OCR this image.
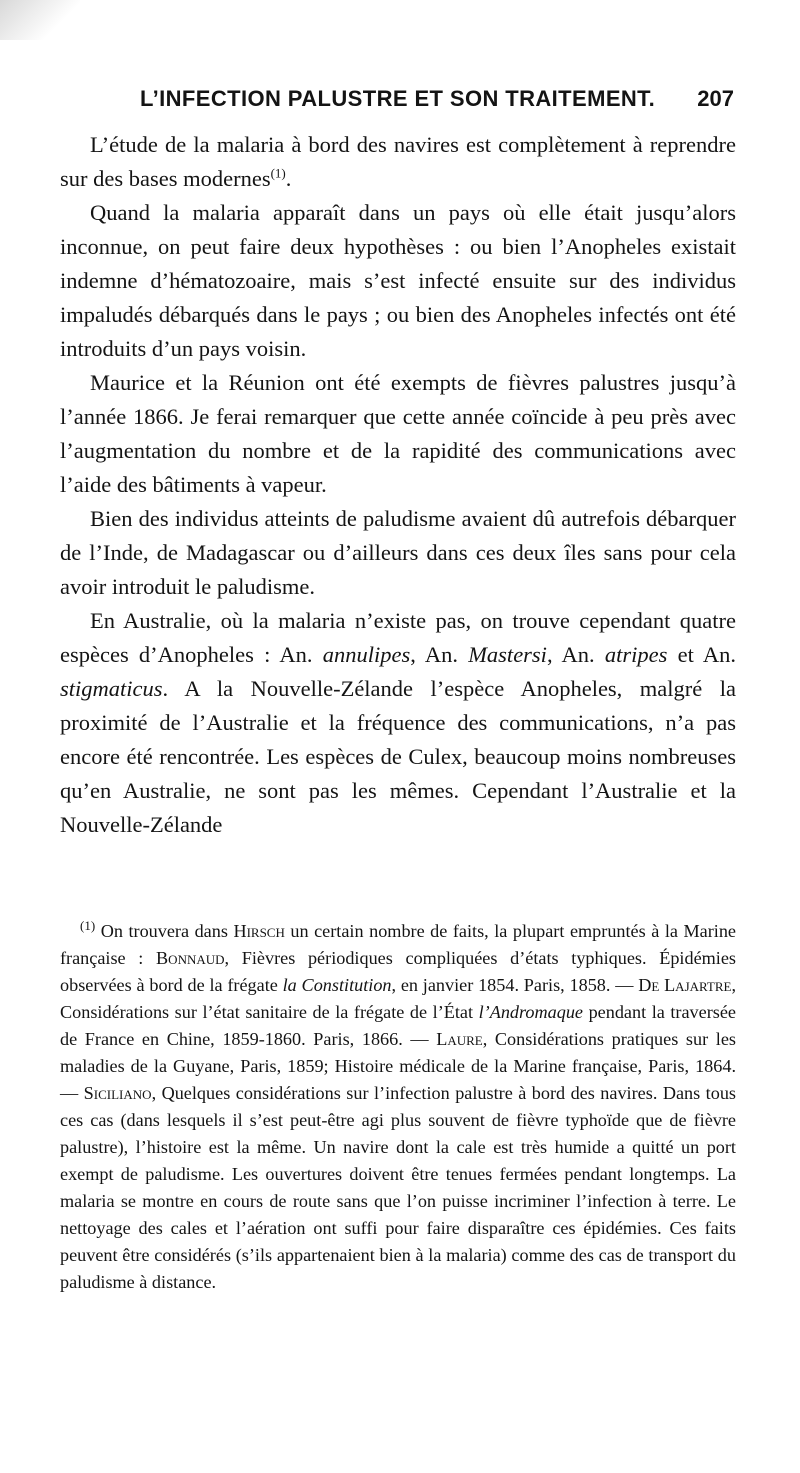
L’INFECTION PALUSTRE ET SON TRAITEMENT. 207

L’étude de la malaria à bord des navires est complètement à reprendre sur des bases modernes$^{(1)}$.

Quand la malaria apparaît dans un pays où elle était jusqu’alors inconnue, on peut faire deux hypothèses : ou bien l’Anopheles existait indemne d’hématozoaire, mais s’est infecté ensuite sur des individus impaludés débarqués dans le pays ; ou bien des Anopheles infectés ont été introduits d’un pays voisin.

Maurice et la Réunion ont été exempts de fièvres palustres jusqu’à l’année 1866. Je ferai remarquer que cette année coïncide à peu près avec l’augmentation du nombre et de la rapidité des communications avec l’aide des bâtiments à vapeur.

Bien des individus atteints de paludisme avaient dû autrefois débarquer de l’Inde, de Madagascar ou d’ailleurs dans ces deux îles sans pour cela avoir introduit le paludisme.

En Australie, où la malaria n’existe pas, on trouve cependant quatre espèces d’Anopheles : An. annulipes, An. Mastersi, An. atripes et An. stigmaticus. A la Nouvelle-Zélande l’espèce Anopheles, malgré la proximité de l’Australie et la fréquence des communications, n’a pas encore été rencontrée. Les espèces de Culex, beaucoup moins nombreuses qu’en Australie, ne sont pas les mêmes. Cependant l’Australie et la Nouvelle-Zélande

$^{(1)}$ On trouvera dans Hirsch un certain nombre de faits, la plupart empruntés à la Marine française : Bonnaud, Fièvres périodiques compliquées d’états typhiques. Épidémies observées à bord de la frégate la Constitution, en janvier 1854. Paris, 1858. — De Lajartre, Considérations sur l’état sanitaire de la frégate de l’État l’Andromaque pendant la traversée de France en Chine, 1859-1860. Paris, 1866. — Laure, Considérations pratiques sur les maladies de la Guyane, Paris, 1859; Histoire médicale de la Marine française, Paris, 1864. — Siciliano, Quelques considérations sur l’infection palustre à bord des navires. Dans tous ces cas (dans lesquels il s’est peut-être agi plus souvent de fièvre typhoïde que de fièvre palustre), l’histoire est la même. Un navire dont la cale est très humide a quitté un port exempt de paludisme. Les ouvertures doivent être tenues fermées pendant longtemps. La malaria se montre en cours de route sans que l’on puisse incriminer l’infection à terre. Le nettoyage des cales et l’aération ont suffi pour faire disparaître ces épidémies. Ces faits peuvent être considérés (s’ils appartenaient bien à la malaria) comme des cas de transport du paludisme à distance.
